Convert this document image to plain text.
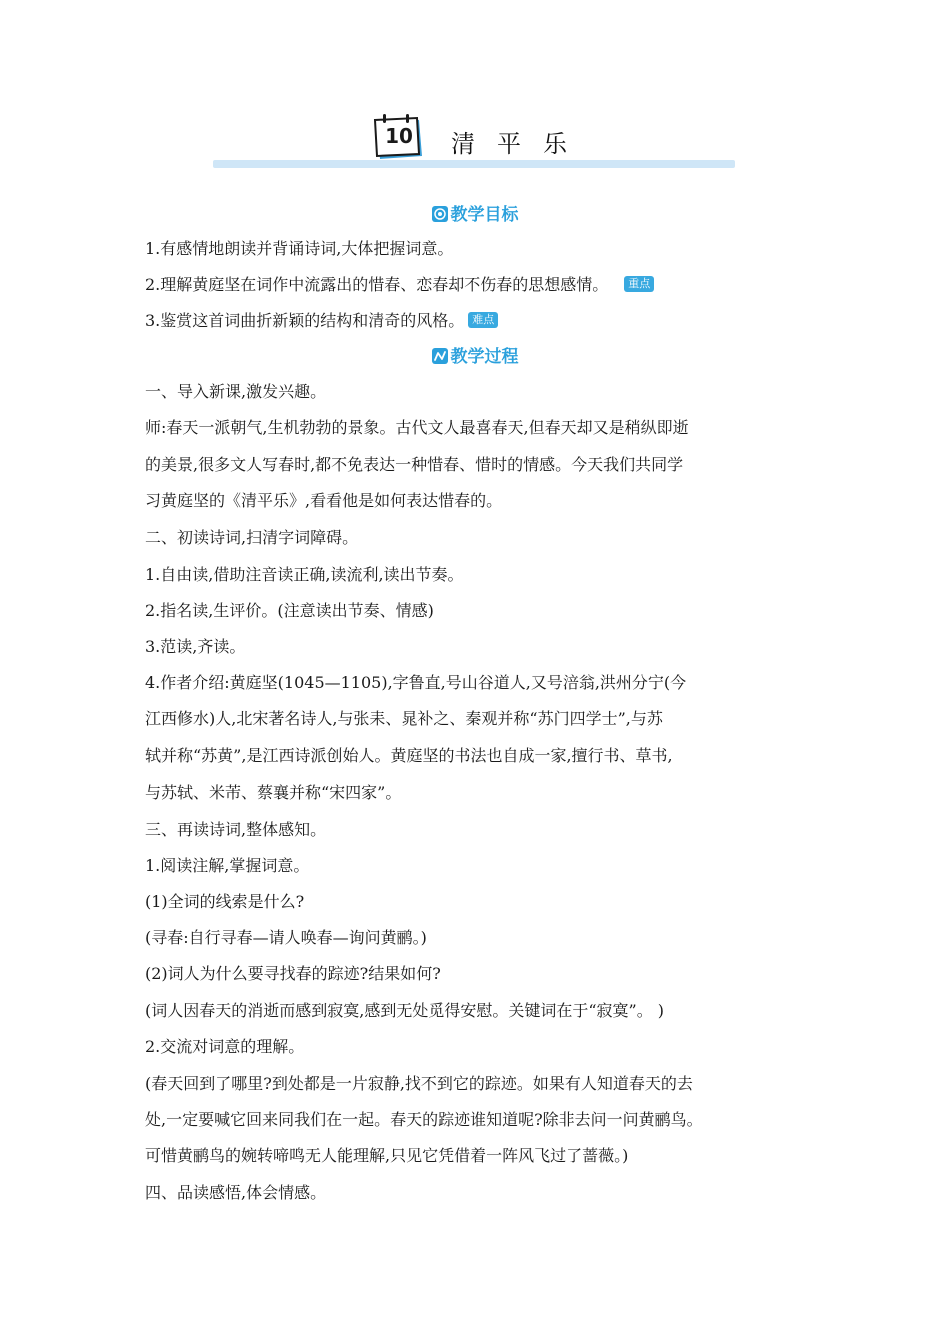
10	清平乐
教学目标
1.有感情地朗读并背诵诗词,大体把握词意。
2.理解黄庭坚在词作中流露出的惜春、恋春却不伤春的思想感情。 重点
3.鉴赏这首词曲折新颖的结构和清奇的风格。 难点
教学过程
一、导入新课,激发兴趣。
师:春天一派朝气,生机勃勃的景象。古代文人最喜春天,但春天却又是稍纵即逝
的美景,很多文人写春时,都不免表达一种惜春、惜时的情感。今天我们共同学
习黄庭坚的《清平乐》,看看他是如何表达惜春的。
二、初读诗词,扫清字词障碍。
1.自由读,借助注音读正确,读流利,读出节奏。
2.指名读,生评价。(注意读出节奏、情感)
3.范读,齐读。
4.作者介绍:黄庭坚(1045—1105),字鲁直,号山谷道人,又号涪翁,洪州分宁(今
江西修水)人,北宋著名诗人,与张耒、晁补之、秦观并称“苏门四学士”,与苏
轼并称“苏黄”,是江西诗派创始人。黄庭坚的书法也自成一家,擅行书、草书,
与苏轼、米芾、蔡襄并称“宋四家”。
三、再读诗词,整体感知。
1.阅读注解,掌握词意。
(1)全词的线索是什么?
(寻春:自行寻春—请人唤春—询问黄鹂。)
(2)词人为什么要寻找春的踪迹?结果如何?
(词人因春天的消逝而感到寂寞,感到无处觅得安慰。关键词在于“寂寞”。 )
2.交流对词意的理解。
(春天回到了哪里?到处都是一片寂静,找不到它的踪迹。如果有人知道春天的去
处,一定要喊它回来同我们在一起。春天的踪迹谁知道呢?除非去问一问黄鹂鸟。
可惜黄鹂鸟的婉转啼鸣无人能理解,只见它凭借着一阵风飞过了蔷薇。)
四、品读感悟,体会情感。
